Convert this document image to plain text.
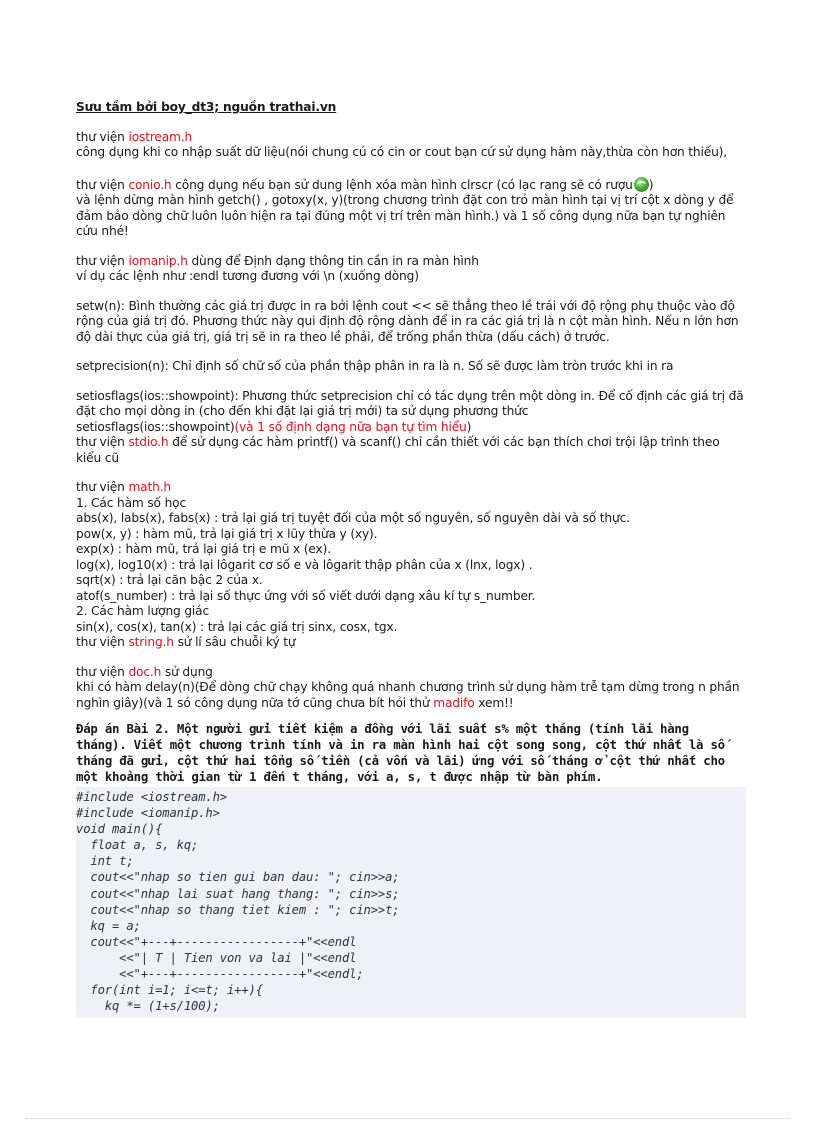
Sưu tầm bởi boy_dt3; nguồn trathai.vn
thư viện iostream.h
công dụng khi co nhập suất dữ liệu(nói chung cú có cin or cout bạn cứ sử dụng hàm này,thừa còn hơn thiếu),
thư viện conio.h công dụng nếu bạn sử dung lệnh xóa màn hình clrscr (có lạc rang sẽ có rượu )
và lệnh dừng màn hình getch() , gotoxy(x, y)(trong chương trình đặt con trỏ màn hình tại vị trí cột x dòng y để đảm bảo dòng chữ luôn luôn hiện ra tại đúng một vị trí trên màn hình.) và 1 số công dụng nữa bạn tự nghiên cứu nhé!
thư viện iomanip.h dùng để Định dạng thông tin cần in ra màn hình
ví dụ các lệnh như :endl tương đương với \n (xuống dòng)
setw(n): Bình thường các giá trị được in ra bởi lệnh cout << sẽ thẳng theo lề trái với độ rộng phụ thuộc vào độ rộng của giá trị đó. Phương thức này qui định độ rộng dành để in ra các giá trị là n cột màn hình. Nếu n lớn hơn độ dài thực của giá trị, giá trị sẽ in ra theo lề phải, để trống phần thừa (dấu cách) ở trước.
setprecision(n): Chỉ định số chữ số của phần thập phân in ra là n. Số sẽ được làm tròn trước khi in ra
setiosflags(ios::showpoint): Phương thức setprecision chỉ có tác dụng trên một dòng in. Để cố định các giá trị đã đặt cho mọi dòng in (cho đến khi đặt lại giá trị mới) ta sử dụng phương thức
setiosflags(ios::showpoint)(và 1 số định dạng nữa bạn tự tìm hiểu)
thư viện stdio.h để sử dụng các hàm printf() và scanf() chỉ cần thiết với các bạn thích chơi trội lập trình theo kiểu cũ
thư viện math.h
1. Các hàm số học
abs(x), labs(x), fabs(x) : trả lại giá trị tuyệt đối của một số nguyên, số nguyên dài và số thực.
pow(x, y) : hàm mũ, trả lại giá trị x lũy thừa y (xy).
exp(x) : hàm mũ, trả lại giá trị e mũ x (ex).
log(x), log10(x) : trả lại lôgarit cơ số e và lôgarit thập phân của x (lnx, logx) .
sqrt(x) : trả lại căn bậc 2 của x.
atof(s_number) : trả lại số thực ứng với số viết dưới dạng xâu kí tự s_number.
2. Các hàm lượng giác
sin(x), cos(x), tan(x) : trả lại các giá trị sinx, cosx, tgx.
thư viện string.h sử lí sâu chuỗi ký tự
thư viện doc.h sử dụng
khi có hàm delay(n)(Để dòng chữ chạy không quá nhanh chương trình sử dụng hàm trễ tạm dừng trong n phần nghìn giây)(và 1 só công dụng nữa tớ cũng chưa bít hỏi thử madifo xem!!
Đáp án Bài 2. Một người gửi tiết kiệm a đồng với lãi suất s% một tháng (tính lãi hàng tháng). Viết một chương trình tính và in ra màn hình hai cột song song, cột thứ nhất là số tháng đã gửi, cột thứ hai tổng số tiền (cả vốn và lãi) ứng với số tháng ở cột thứ nhất cho một khoảng thời gian từ 1 đến t tháng, với a, s, t được nhập từ bàn phím.
#include <iostream.h>
#include <iomanip.h>
void main(){
float a, s, kq;
int t;
cout<<"nhap so tien gui ban dau: "; cin>>a;
cout<<"nhap lai suat hang thang: "; cin>>s;
cout<<"nhap so thang tiet kiem : "; cin>>t;
kq = a;
cout<<"+---+-----------------+"<<endl
<<"| T | Tien von va lai |"<<endl
<<"+---+-----------------+"<<endl;
for(int i=1; i<=t; i++){
kq *= (1+s/100);
